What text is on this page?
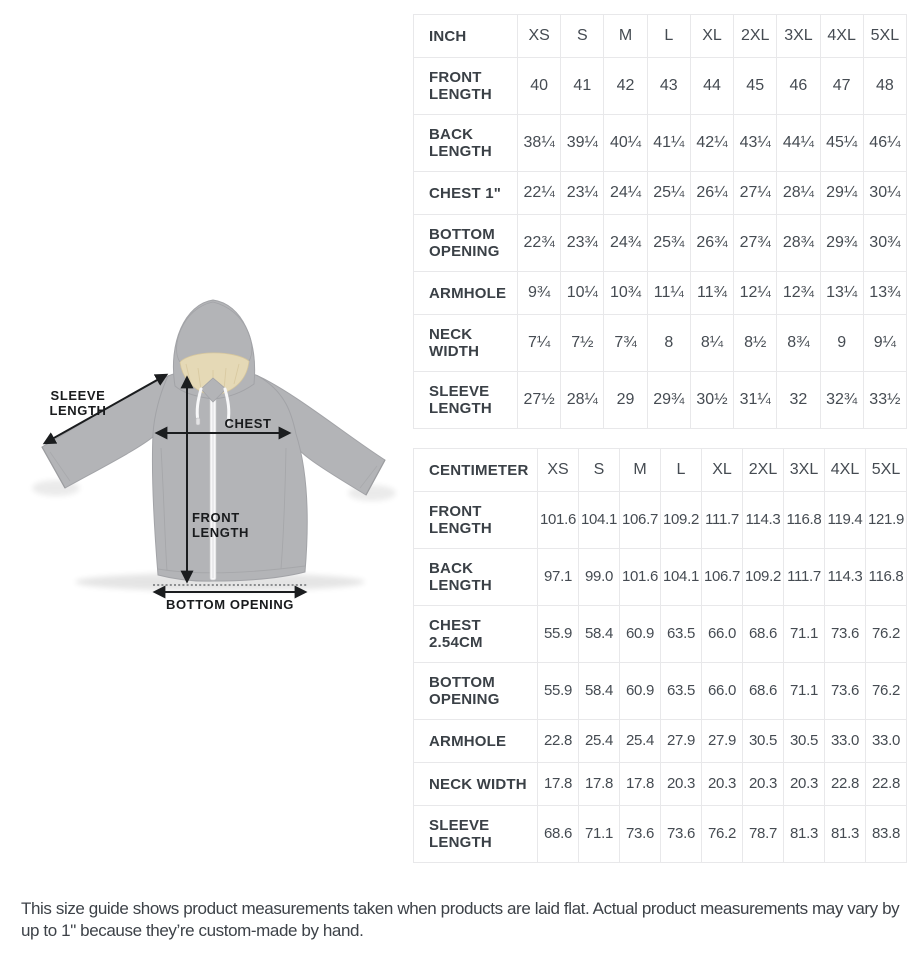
SLEEVE
LENGTH
CHEST
FRONT
LENGTH
BOTTOM OPENING
INCH	XS	S	M	L	XL	2XL	3XL	4XL	5XL
FRONT LENGTH	40	41	42	43	44	45	46	47	48
BACK LENGTH	38¼	39¼	40¼	41¼	42¼	43¼	44¼	45¼	46¼
CHEST 1"	22¼	23¼	24¼	25¼	26¼	27¼	28¼	29¼	30¼
BOTTOM OPENING	22¾	23¾	24¾	25¾	26¾	27¾	28¾	29¾	30¾
ARMHOLE	9¾	10¼	10¾	11¼	11¾	12¼	12¾	13¼	13¾
NECK WIDTH	7¼	7½	7¾	8	8¼	8½	8¾	9	9¼
SLEEVE LENGTH	27½	28¼	29	29¾	30½	31¼	32	32¾	33½
CENTIMETER	XS	S	M	L	XL	2XL	3XL	4XL	5XL
FRONT LENGTH	101.6	104.1	106.7	109.2	111.7	114.3	116.8	119.4	121.9
BACK LENGTH	97.1	99.0	101.6	104.1	106.7	109.2	111.7	114.3	116.8
CHEST 2.54CM	55.9	58.4	60.9	63.5	66.0	68.6	71.1	73.6	76.2
BOTTOM OPENING	55.9	58.4	60.9	63.5	66.0	68.6	71.1	73.6	76.2
ARMHOLE	22.8	25.4	25.4	27.9	27.9	30.5	30.5	33.0	33.0
NECK WIDTH	17.8	17.8	17.8	20.3	20.3	20.3	20.3	22.8	22.8
SLEEVE LENGTH	68.6	71.1	73.6	73.6	76.2	78.7	81.3	81.3	83.8

This size guide shows product measurements taken when products are laid flat. Actual product measurements may vary by up to 1" because they’re custom-made by hand.
